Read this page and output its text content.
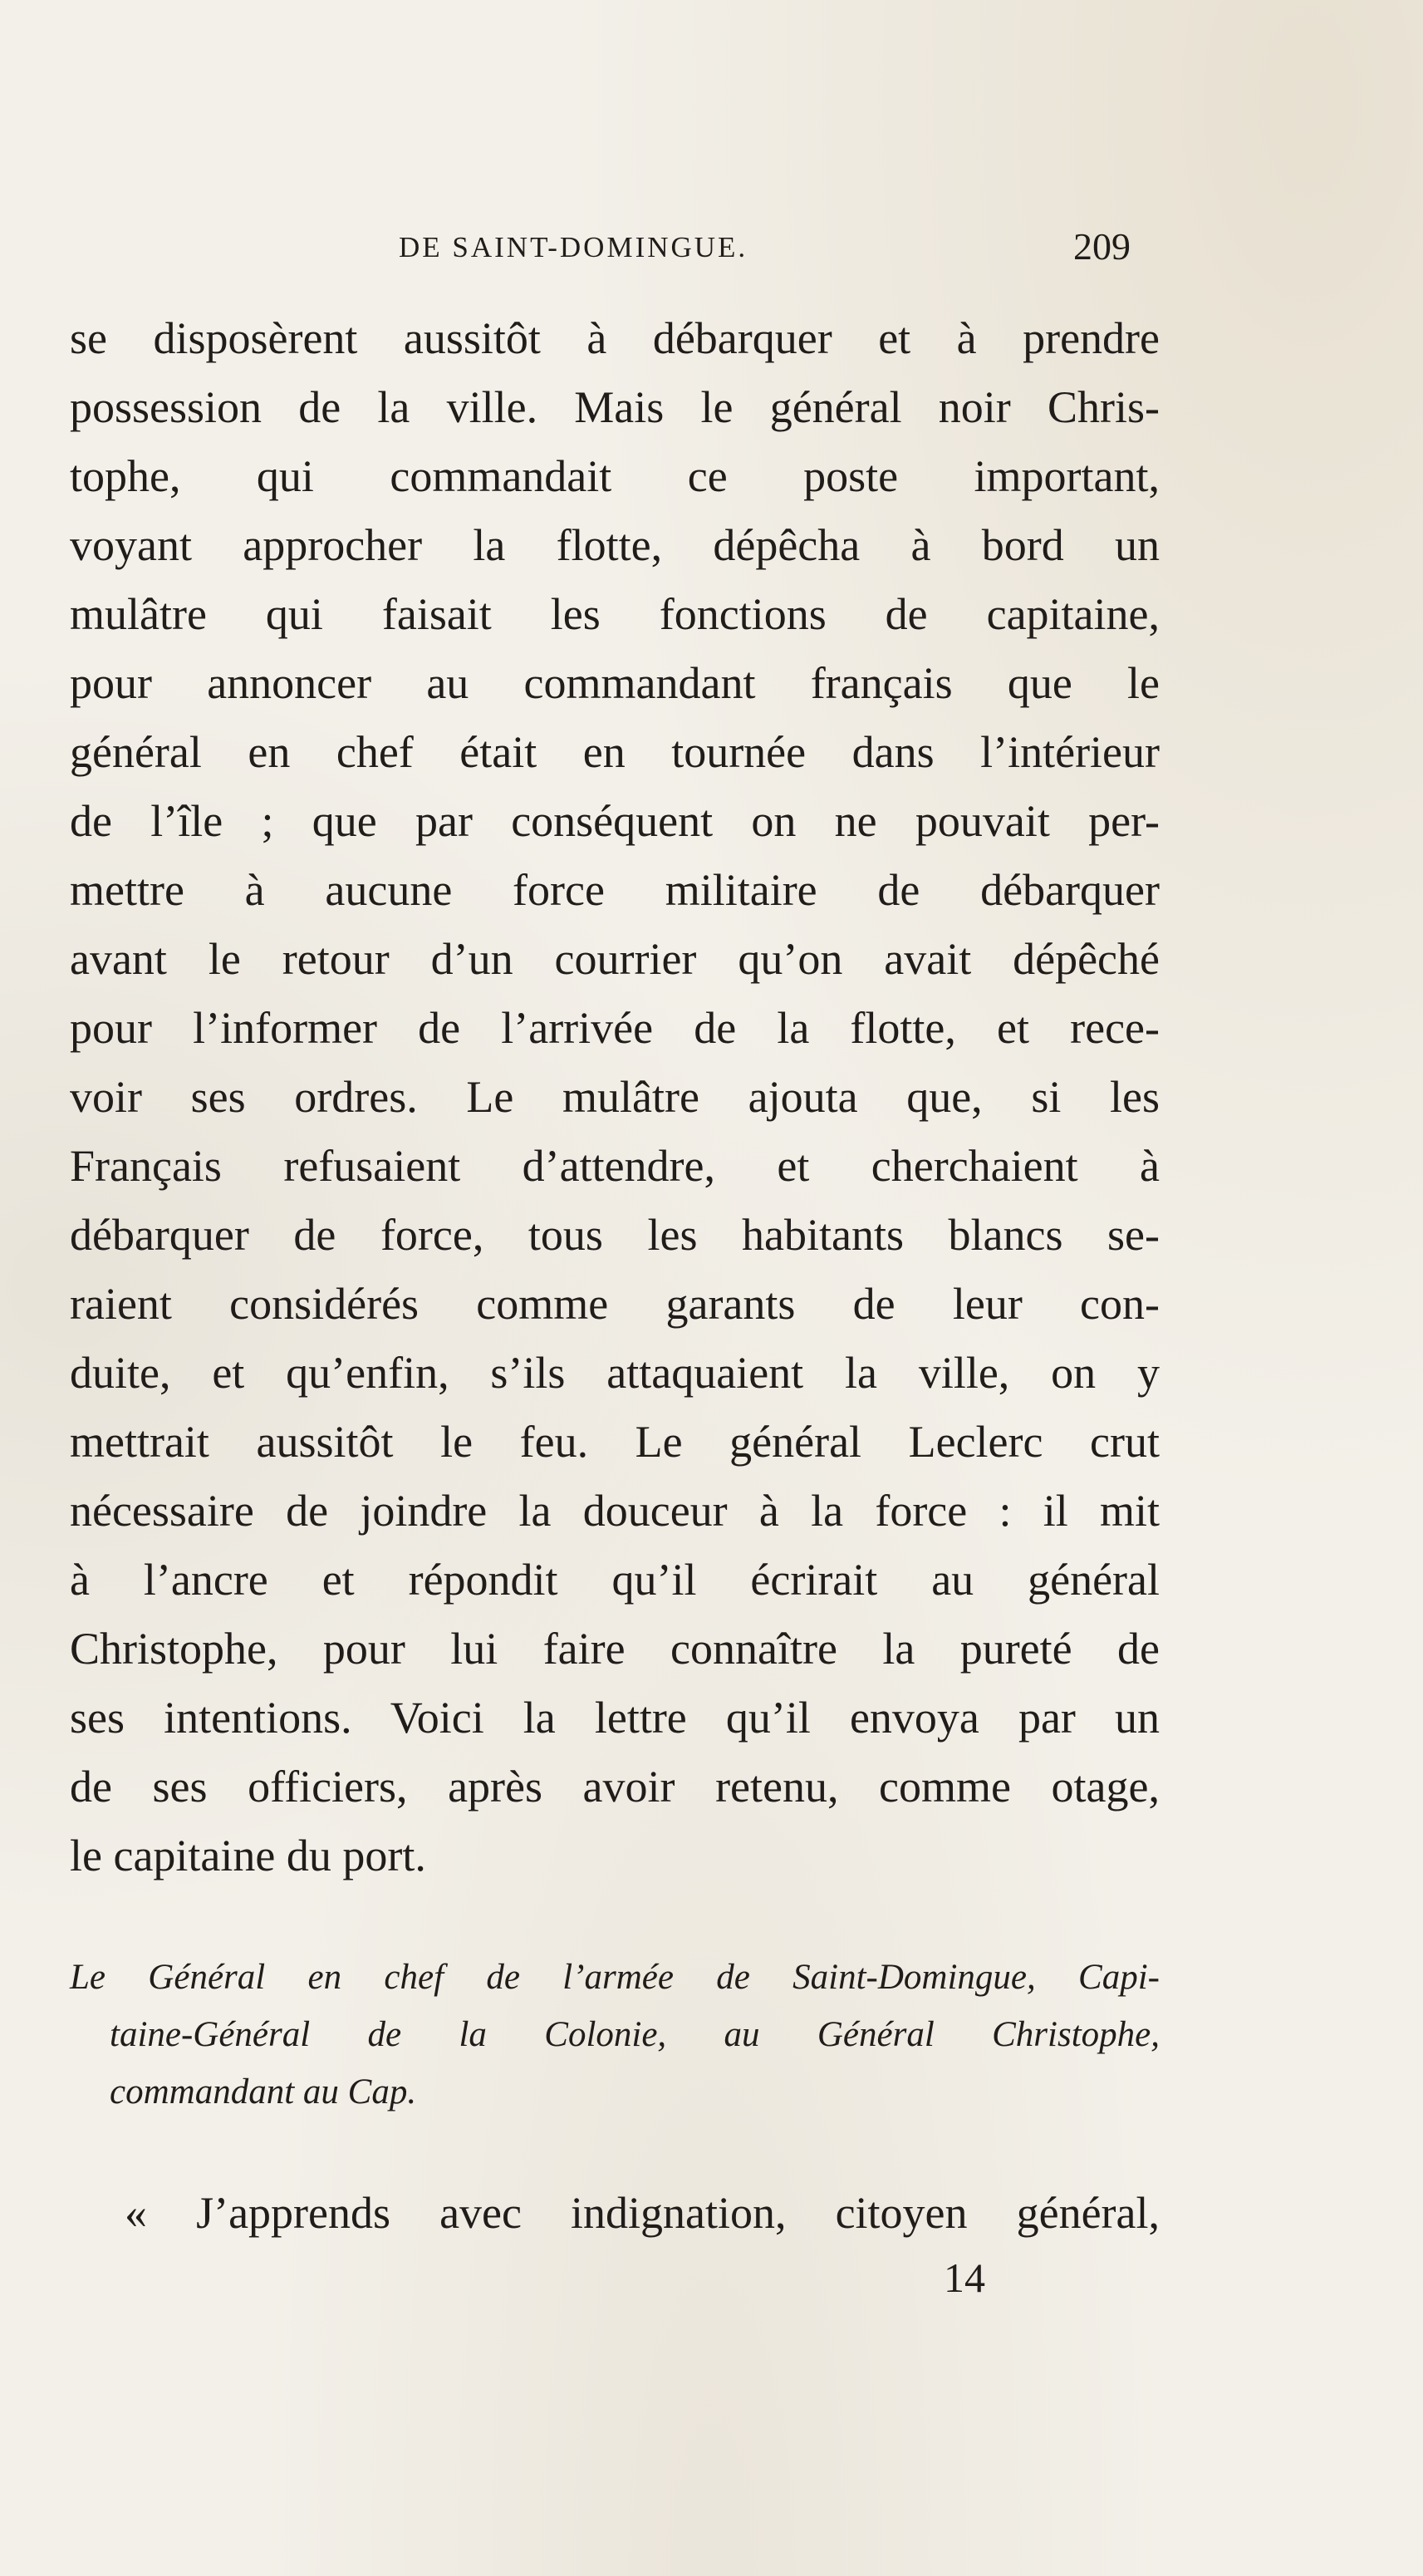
DE SAINT-DOMINGUE.	209
se disposèrent aussitôt à débarquer et à prendre
possession de la ville. Mais le général noir Chris-
tophe, qui commandait ce poste important,
voyant approcher la flotte, dépêcha à bord un
mulâtre qui faisait les fonctions de capitaine,
pour annoncer au commandant français que le
général en chef était en tournée dans l’intérieur
de l’île ; que par conséquent on ne pouvait per-
mettre à aucune force militaire de débarquer
avant le retour d’un courrier qu’on avait dépêché
pour l’informer de l’arrivée de la flotte, et rece-
voir ses ordres. Le mulâtre ajouta que, si les
Français refusaient d’attendre, et cherchaient à
débarquer de force, tous les habitants blancs se-
raient considérés comme garants de leur con-
duite, et qu’enfin, s’ils attaquaient la ville, on y
mettrait aussitôt le feu. Le général Leclerc crut
nécessaire de joindre la douceur à la force : il mit
à l’ancre et répondit qu’il écrirait au général
Christophe, pour lui faire connaître la pureté de
ses intentions. Voici la lettre qu’il envoya par un
de ses officiers, après avoir retenu, comme otage,
le capitaine du port.
Le Général en chef de l’armée de Saint-Domingue, Capi-
taine-Général de la Colonie, au Général Christophe,
commandant au Cap.
« J’apprends avec indignation, citoyen général,
14
